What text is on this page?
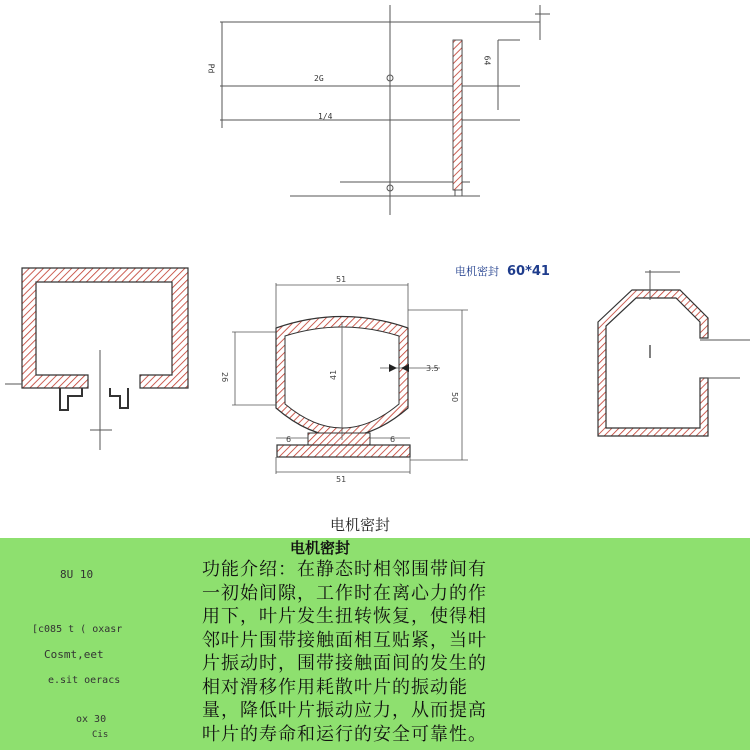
51
51
3.5
6	6
26	41
50
电机密封 60*41
电机密封
电机密封

功能介绍：在静态时相邻围带间有

一初始间隙，工作时在离心力的作

用下，叶片发生扭转恢复，使得相

邻叶片围带接触面相互贴紧，当叶

片振动时，围带接触面间的发生的

相对滑移作用耗散叶片的振动能

量，降低叶片振动应力，从而提高

叶片的寿命和运行的安全可靠性。

8U 10
[c085 t ( oxasr
Cosmt,eet
e.sit oeracs
ox 30
Cis
Pd
2G
1/4
64
